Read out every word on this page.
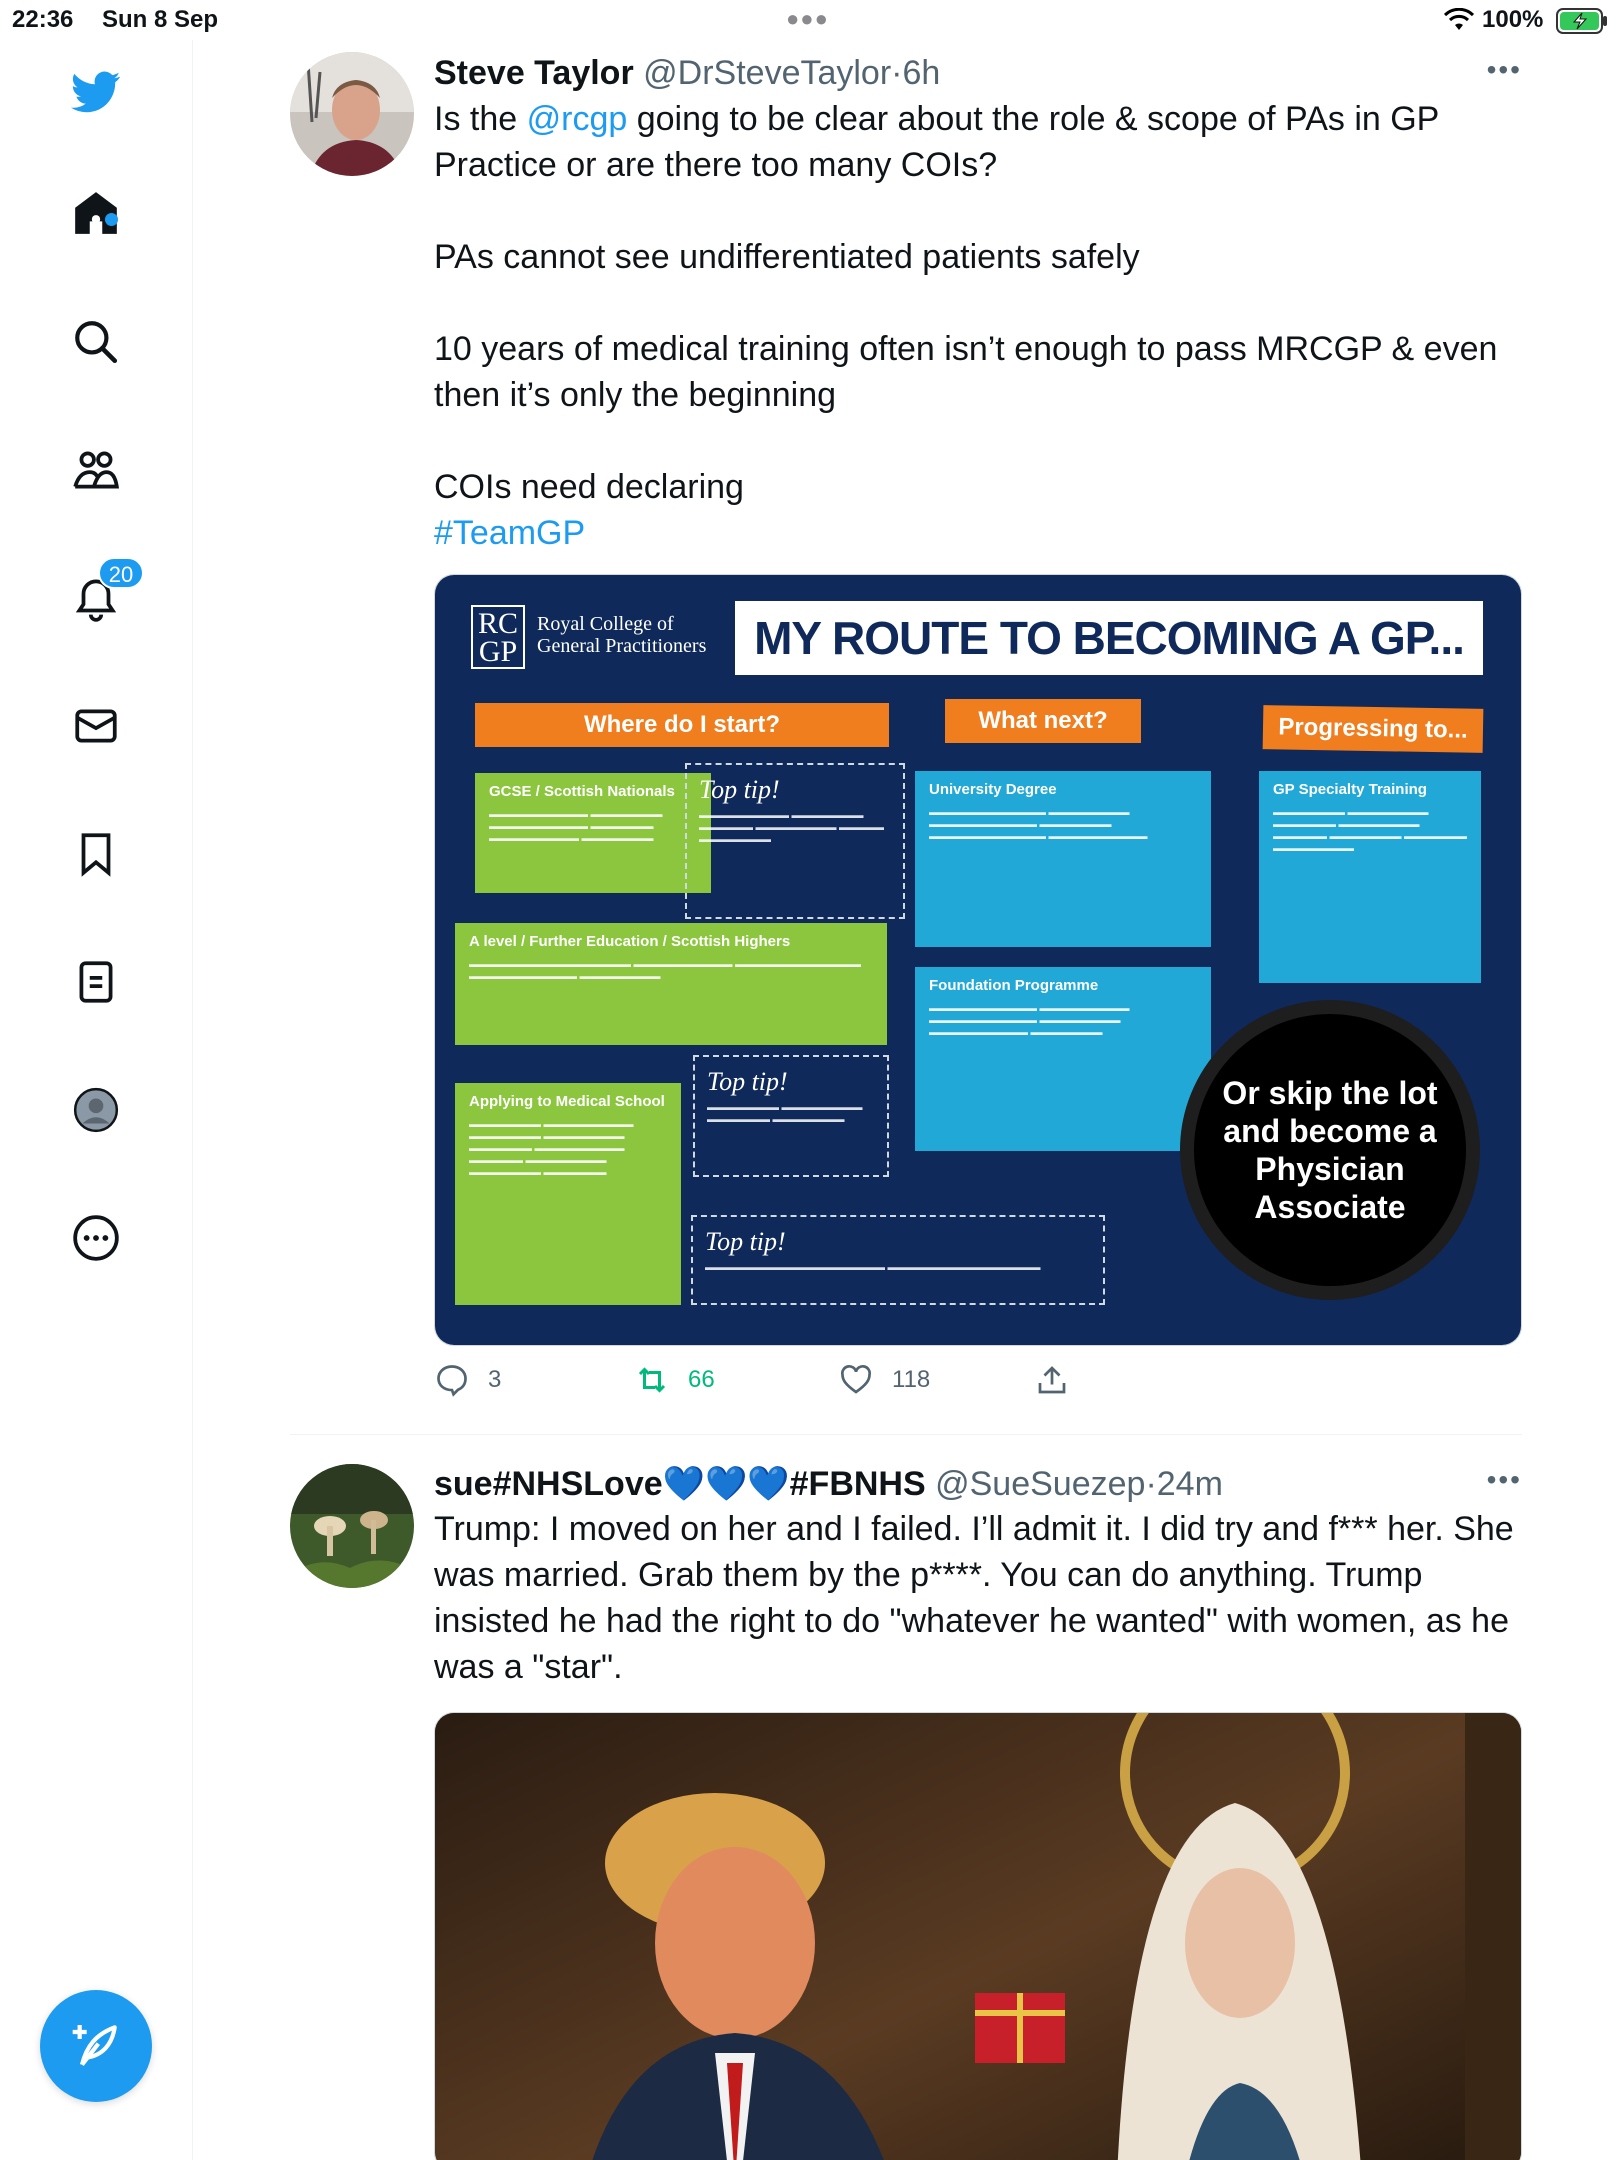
22:36 Sun 8 Sep	●●●	100%
20
Steve Taylor @DrSteveTaylor·6h	•••

Is the @rcgp going to be clear about the role & scope of PAs in GP Practice or are there too many COIs?

PAs cannot see undifferentiated patients safely

10 years of medical training often isn’t enough to pass MRCGP & even then it’s only the beginning

COIs need declaring

#TeamGP

RC GP
Royal College of General Practitioners	MY ROUTE TO BECOMING A GP...
Where do I start?	What next?	Progressing to...
GCSE / Scottish Nationals
▬▬▬▬▬▬▬▬▬▬▬ ▬▬▬▬▬▬▬▬ ▬▬▬▬▬▬▬▬▬▬▬ ▬▬▬▬▬▬▬ ▬▬▬▬▬▬▬▬▬▬ ▬▬▬▬▬▬▬▬
Top tip!
▬▬▬▬▬▬▬▬▬▬ ▬▬▬▬▬▬▬▬ ▬▬▬▬▬▬ ▬▬▬▬▬▬▬▬▬ ▬▬▬▬▬ ▬▬▬▬▬▬▬▬
A level / Further Education / Scottish Highers
▬▬▬▬▬▬▬▬▬▬▬▬▬▬▬▬▬▬ ▬▬▬▬▬▬▬▬▬▬▬ ▬▬▬▬▬▬▬▬▬▬▬▬▬▬ ▬▬▬▬▬▬▬▬▬▬▬▬ ▬▬▬▬▬▬▬▬▬
Top tip!
▬▬▬▬▬▬▬▬ ▬▬▬▬▬▬▬▬▬ ▬▬▬▬▬▬▬ ▬▬▬▬▬▬▬▬
Applying to Medical School
▬▬▬▬▬▬▬▬ ▬▬▬▬▬▬▬▬▬▬ ▬▬▬▬▬▬▬▬ ▬▬▬▬▬▬▬▬▬ ▬▬▬▬▬▬▬ ▬▬▬▬▬▬▬▬▬▬ ▬▬▬▬▬▬ ▬▬▬▬▬▬▬▬▬ ▬▬▬▬▬▬▬▬ ▬▬▬▬▬▬▬
Top tip!
▬▬▬▬▬▬▬▬▬▬▬▬▬▬▬▬▬▬▬▬ ▬▬▬▬▬▬▬▬▬▬▬▬▬▬▬▬▬
University Degree
▬▬▬▬▬▬▬▬▬▬▬▬▬ ▬▬▬▬▬▬▬▬▬ ▬▬▬▬▬▬▬▬▬▬▬▬ ▬▬▬▬▬▬▬▬ ▬▬▬▬▬▬▬▬▬▬▬▬▬ ▬▬▬▬▬▬▬▬▬▬▬
Foundation Programme
▬▬▬▬▬▬▬▬▬▬▬▬ ▬▬▬▬▬▬▬▬▬▬ ▬▬▬▬▬▬▬▬▬▬▬▬ ▬▬▬▬▬▬▬▬▬ ▬▬▬▬▬▬▬▬▬▬▬ ▬▬▬▬▬▬▬▬
GP Specialty Training
▬▬▬▬▬▬▬▬ ▬▬▬▬▬▬▬▬▬ ▬▬▬▬▬▬▬ ▬▬▬▬▬▬▬▬▬ ▬▬▬▬▬▬ ▬▬▬▬▬▬▬▬ ▬▬▬▬▬▬▬ ▬▬▬▬▬▬▬▬▬
Or skip the lot and become a Physician Associate
3	66	118
sue#NHSLove💙💙💙#FBNHS @SueSuezep·24m	•••

Trump: I moved on her and I failed. I’ll admit it. I did try and f*** her. She was married. Grab them by the p****. You can do anything. Trump insisted he had the right to do "whatever he wanted" with women, as he was a "star".
